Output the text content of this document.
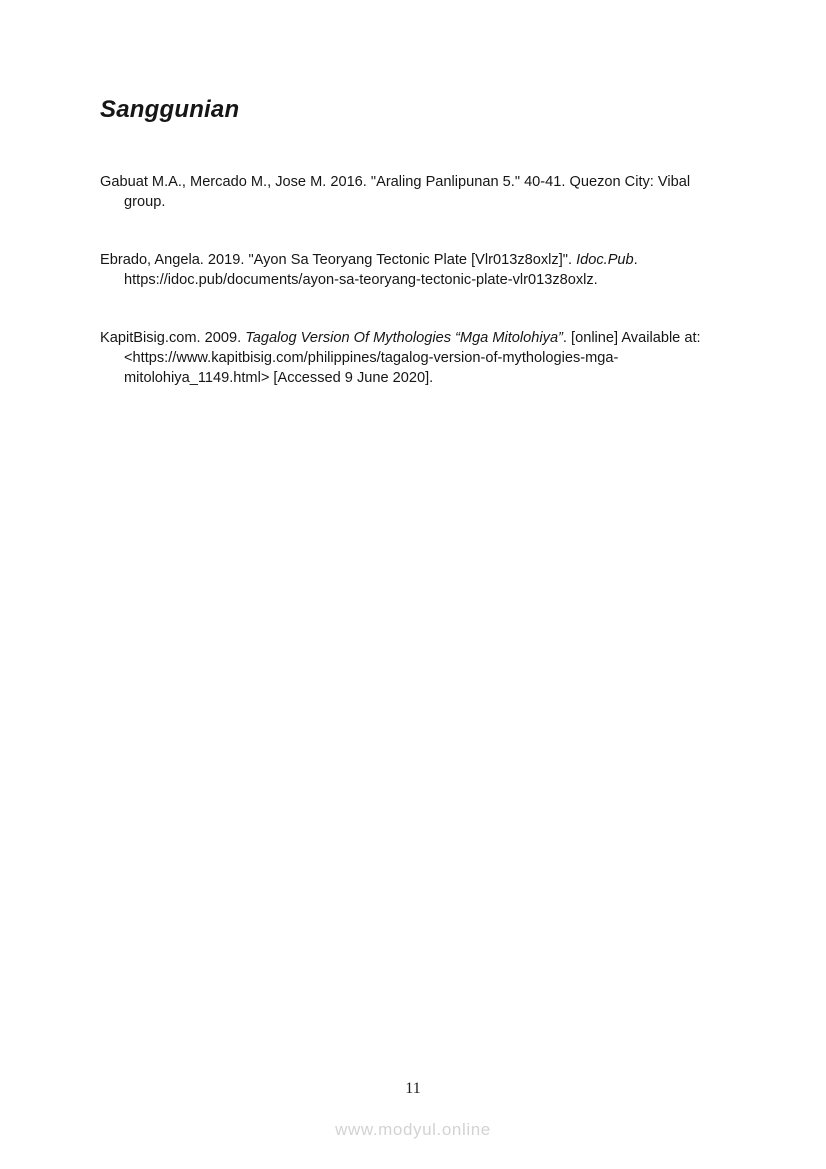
Sanggunian

Gabuat M.A., Mercado M., Jose M. 2016. "Araling Panlipunan 5." 40-41. Quezon City: Vibal group.

Ebrado, Angela. 2019. "Ayon Sa Teoryang Tectonic Plate [Vlr013z8oxlz]". Idoc.Pub. https://idoc.pub/documents/ayon-sa-teoryang-tectonic-plate-vlr013z8oxlz.

KapitBisig.com. 2009. Tagalog Version Of Mythologies “Mga Mitolohiya”. [online] Available at: <https://www.kapitbisig.com/philippines/tagalog-version-of-mythologies-mga-mitolohiya_1149.html> [Accessed 9 June 2020].

11
www.modyul.online
